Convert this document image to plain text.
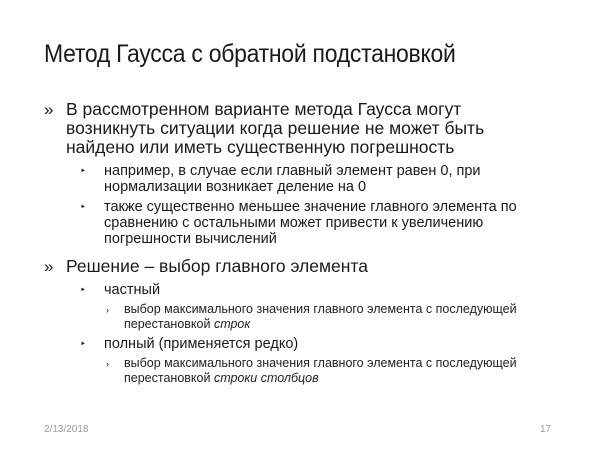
Метод Гаусса с обратной подстановкой
» В рассмотренном варианте метода Гаусса могут
возникнуть ситуации когда решение не может быть
найдено или иметь существенную погрешность
‣ например, в случае если главный элемент равен 0, при
нормализации возникает деление на 0
‣ также существенно меньшее значение главного элемента по
сравнению с остальными может привести к увеличению
погрешности вычислений
» Решение – выбор главного элемента
‣ частный
› выбор максимального значения главного элемента с последующей
перестановкой строк
‣ полный (применяется редко)
› выбор максимального значения главного элемента с последующей
перестановкой строки столбцов
2/13/2018	17
